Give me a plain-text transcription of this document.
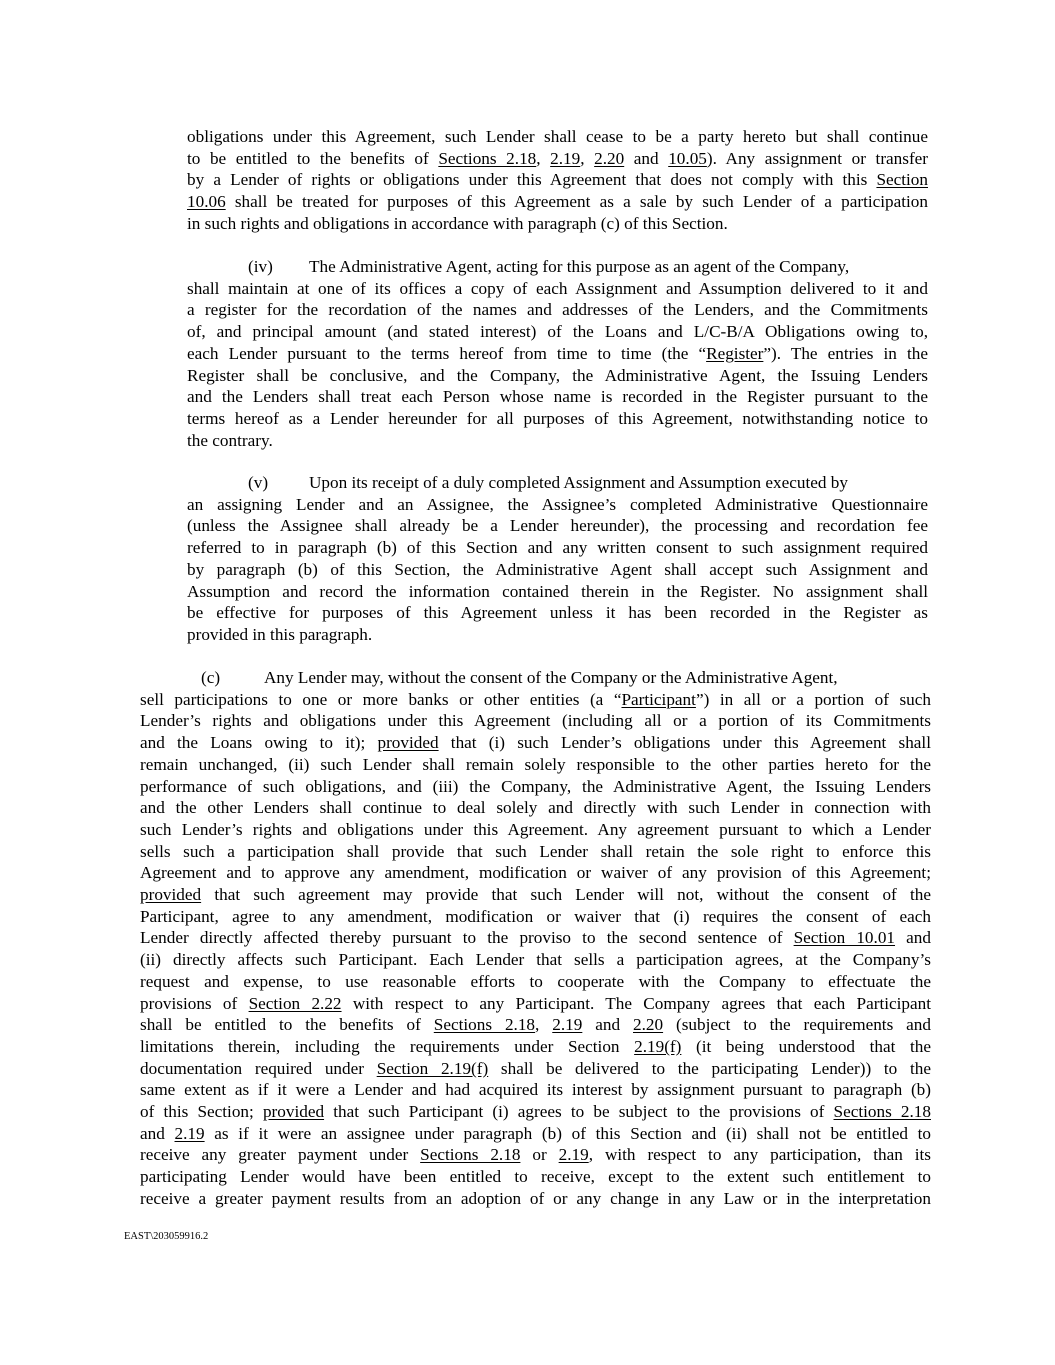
obligations under this Agreement, such Lender shall cease to be a party hereto but shall continue
to be entitled to the benefits of Sections 2.18, 2.19, 2.20 and 10.05). Any assignment or transfer
by a Lender of rights or obligations under this Agreement that does not comply with this Section
10.06 shall be treated for purposes of this Agreement as a sale by such Lender of a participation
in such rights and obligations in accordance with paragraph (c) of this Section.
(iv) The Administrative Agent, acting for this purpose as an agent of the Company,
shall maintain at one of its offices a copy of each Assignment and Assumption delivered to it and
a register for the recordation of the names and addresses of the Lenders, and the Commitments
of, and principal amount (and stated interest) of the Loans and L/C-B/A Obligations owing to,
each Lender pursuant to the terms hereof from time to time (the “Register”). The entries in the
Register shall be conclusive, and the Company, the Administrative Agent, the Issuing Lenders
and the Lenders shall treat each Person whose name is recorded in the Register pursuant to the
terms hereof as a Lender hereunder for all purposes of this Agreement, notwithstanding notice to
the contrary.
(v) Upon its receipt of a duly completed Assignment and Assumption executed by
an assigning Lender and an Assignee, the Assignee’s completed Administrative Questionnaire
(unless the Assignee shall already be a Lender hereunder), the processing and recordation fee
referred to in paragraph (b) of this Section and any written consent to such assignment required
by paragraph (b) of this Section, the Administrative Agent shall accept such Assignment and
Assumption and record the information contained therein in the Register. No assignment shall
be effective for purposes of this Agreement unless it has been recorded in the Register as
provided in this paragraph.
(c)	Any Lender may, without the consent of the Company or the Administrative Agent,
sell participations to one or more banks or other entities (a “Participant”) in all or a portion of such
Lender’s rights and obligations under this Agreement (including all or a portion of its Commitments
and the Loans owing to it); provided that (i) such Lender’s obligations under this Agreement shall
remain unchanged, (ii) such Lender shall remain solely responsible to the other parties hereto for the
performance of such obligations, and (iii) the Company, the Administrative Agent, the Issuing Lenders
and the other Lenders shall continue to deal solely and directly with such Lender in connection with
such Lender’s rights and obligations under this Agreement. Any agreement pursuant to which a Lender
sells such a participation shall provide that such Lender shall retain the sole right to enforce this
Agreement and to approve any amendment, modification or waiver of any provision of this Agreement;
provided that such agreement may provide that such Lender will not, without the consent of the
Participant, agree to any amendment, modification or waiver that (i) requires the consent of each
Lender directly affected thereby pursuant to the proviso to the second sentence of Section 10.01 and
(ii) directly affects such Participant. Each Lender that sells a participation agrees, at the Company’s
request and expense, to use reasonable efforts to cooperate with the Company to effectuate the
provisions of Section 2.22 with respect to any Participant. The Company agrees that each Participant
shall be entitled to the benefits of Sections 2.18, 2.19 and 2.20 (subject to the requirements and
limitations therein, including the requirements under Section 2.19(f) (it being understood that the
documentation required under Section 2.19(f) shall be delivered to the participating Lender)) to the
same extent as if it were a Lender and had acquired its interest by assignment pursuant to paragraph (b)
of this Section; provided that such Participant (i) agrees to be subject to the provisions of Sections 2.18
and 2.19 as if it were an assignee under paragraph (b) of this Section and (ii) shall not be entitled to
receive any greater payment under Sections 2.18 or 2.19, with respect to any participation, than its
participating Lender would have been entitled to receive, except to the extent such entitlement to
receive a greater payment results from an adoption of or any change in any Law or in the interpretation
EAST\203059916.2
